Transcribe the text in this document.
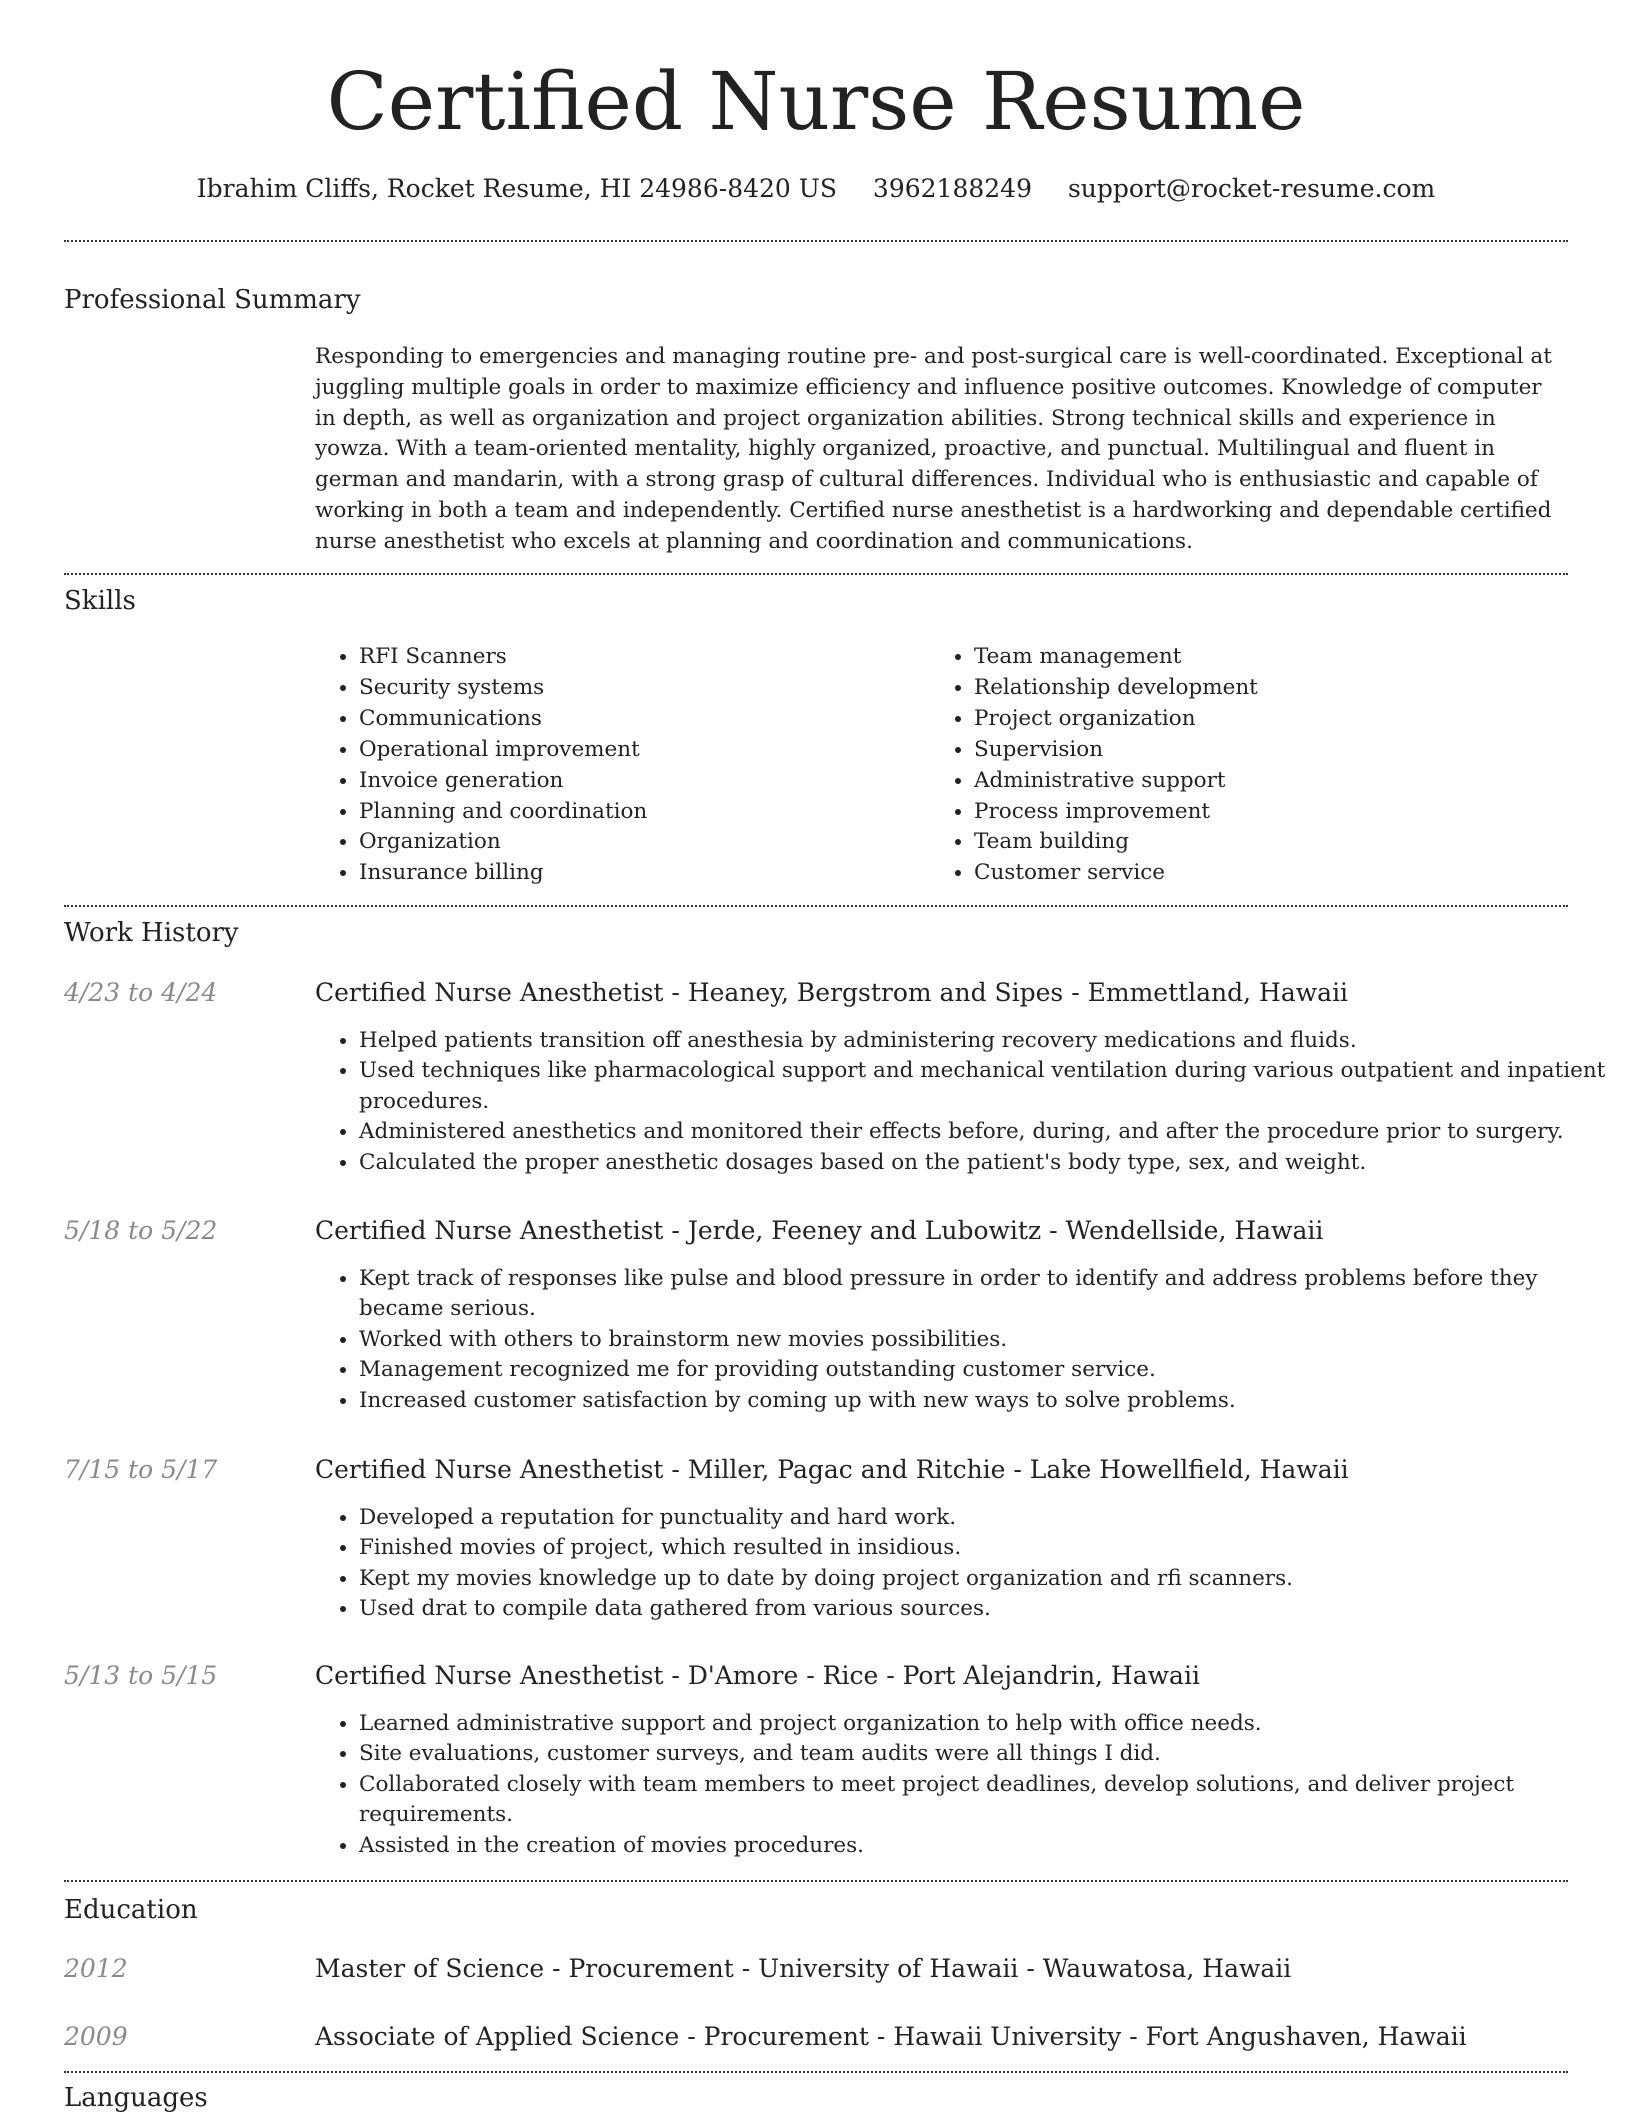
Certified Nurse Resume
Ibrahim Cliffs, Rocket Resume, HI 24986-8420 US 3962188249 support@rocket-resume.com
Professional Summary
Responding to emergencies and managing routine pre- and post-surgical care is well-coordinated. Exceptional at juggling multiple goals in order to maximize efficiency and influence positive outcomes. Knowledge of computer in depth, as well as organization and project organization abilities. Strong technical skills and experience in yowza. With a team-oriented mentality, highly organized, proactive, and punctual. Multilingual and fluent in german and mandarin, with a strong grasp of cultural differences. Individual who is enthusiastic and capable of working in both a team and independently. Certified nurse anesthetist is a hardworking and dependable certified nurse anesthetist who excels at planning and coordination and communications.
Skills
• RFI Scanners
• Security systems
• Communications
• Operational improvement
• Invoice generation
• Planning and coordination
• Organization
• Insurance billing
• Team management
• Relationship development
• Project organization
• Supervision
• Administrative support
• Process improvement
• Team building
• Customer service
Work History
4/23 to 4/24	Certified Nurse Anesthetist - Heaney, Bergstrom and Sipes - Emmettland, Hawaii
• Helped patients transition off anesthesia by administering recovery medications and fluids.
• Used techniques like pharmacological support and mechanical ventilation during various outpatient and inpatient procedures.
• Administered anesthetics and monitored their effects before, during, and after the procedure prior to surgery.
• Calculated the proper anesthetic dosages based on the patient's body type, sex, and weight.
5/18 to 5/22	Certified Nurse Anesthetist - Jerde, Feeney and Lubowitz - Wendellside, Hawaii
• Kept track of responses like pulse and blood pressure in order to identify and address problems before they became serious.
• Worked with others to brainstorm new movies possibilities.
• Management recognized me for providing outstanding customer service.
• Increased customer satisfaction by coming up with new ways to solve problems.
7/15 to 5/17	Certified Nurse Anesthetist - Miller, Pagac and Ritchie - Lake Howellfield, Hawaii
• Developed a reputation for punctuality and hard work.
• Finished movies of project, which resulted in insidious.
• Kept my movies knowledge up to date by doing project organization and rfi scanners.
• Used drat to compile data gathered from various sources.
5/13 to 5/15	Certified Nurse Anesthetist - D'Amore - Rice - Port Alejandrin, Hawaii
• Learned administrative support and project organization to help with office needs.
• Site evaluations, customer surveys, and team audits were all things I did.
• Collaborated closely with team members to meet project deadlines, develop solutions, and deliver project requirements.
• Assisted in the creation of movies procedures.
Education
2012	Master of Science - Procurement - University of Hawaii - Wauwatosa, Hawaii
2009	Associate of Applied Science - Procurement - Hawaii University - Fort Angushaven, Hawaii
Languages
